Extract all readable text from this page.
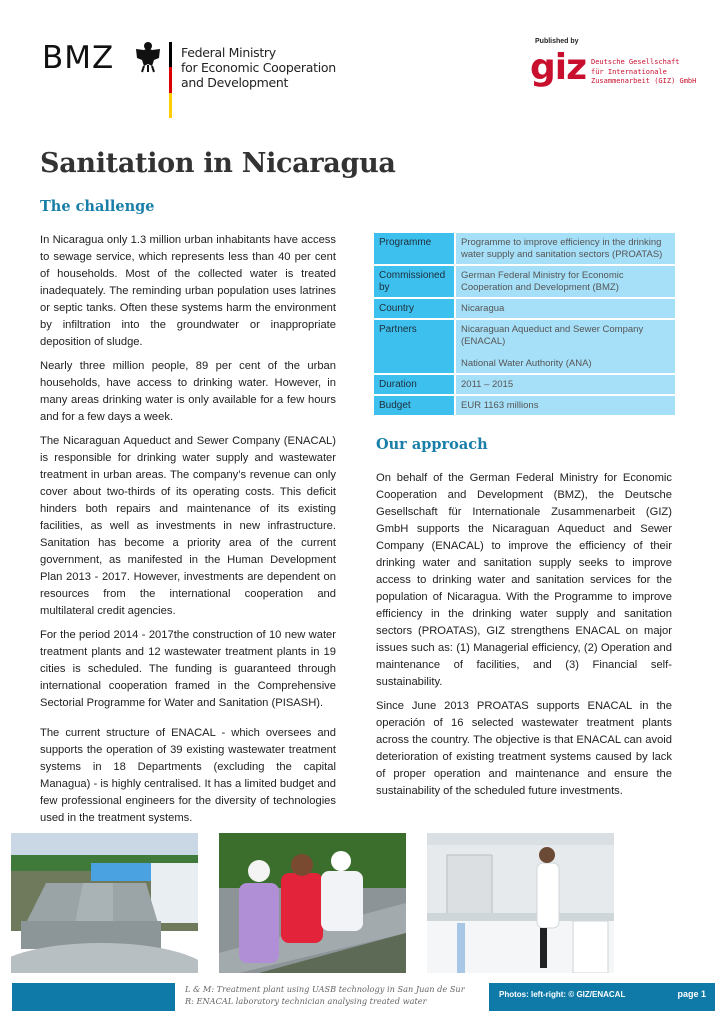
BMZ	Federal Ministry
for Economic Cooperation
and Development
Published by
giz Deutsche Gesellschaft
für Internationale
Zusammenarbeit (GIZ) GmbH
Sanitation in Nicaragua
The challenge

In Nicaragua only 1.3 million urban inhabitants have access to sewage service, which represents less than 40 per cent of households. Most of the collected water is treated inadequately. The reminding urban population uses latrines or septic tanks. Often these systems harm the environment by infiltration into the groundwater or inappropriate deposition of sludge.

Nearly three million people, 89 per cent of the urban households, have access to drinking water. However, in many areas drinking water is only available for a few hours and for a few days a week.

The Nicaraguan Aqueduct and Sewer Company (ENACAL) is responsible for drinking water supply and wastewater treatment in urban areas. The company’s revenue can only cover about two-thirds of its operating costs. This deficit hinders both repairs and maintenance of its existing facilities, as well as investments in new infrastructure. Sanitation has become a priority area of the current government, as manifested in the Human Development Plan 2013 - 2017. However, investments are dependent on resources from the international cooperation and multilateral credit agencies.

For the period 2014 - 2017the construction of 10 new water treatment plants and 12 wastewater treatment plants in 19 cities is scheduled. The funding is guaranteed through international cooperation framed in the Comprehensive Sectorial Programme for Water and Sanitation (PISASH).

The current structure of ENACAL - which oversees and supports the operation of 39 existing wastewater treatment systems in 18 Departments (excluding the capital Managua) - is highly centralised. It has a limited budget and few professional engineers for the diversity of technologies used in the treatment systems.

Programme	Programme to improve efficiency in the drinking water supply and sanitation sectors (PROATAS)
Commissioned by	German Federal Ministry for Economic Cooperation and Development (BMZ)
Country	Nicaragua
Partners	Nicaraguan Aqueduct and Sewer Company (ENACAL)
National Water Authority (ANA)

Duration	2011 – 2015
Budget	EUR 1163 millions
Our approach

On behalf of the German Federal Ministry for Economic Cooperation and Development (BMZ), the Deutsche Gesellschaft für Internationale Zusammenarbeit (GIZ) GmbH supports the Nicaraguan Aqueduct and Sewer Company (ENACAL) to improve the efficiency of their drinking water and sanitation supply seeks to improve access to drinking water and sanitation services for the population of Nicaragua. With the Programme to improve efficiency in the drinking water supply and sanitation sectors (PROATAS), GIZ strengthens ENACAL on major issues such as: (1) Managerial efficiency, (2) Operation and maintenance of facilities, and (3) Financial self-sustainability.

Since June 2013 PROATAS supports ENACAL in the operación of 16 selected wastewater treatment plants across the country. The objective is that ENACAL can avoid deterioration of existing treatment systems caused by lack of proper operation and maintenance and ensure the sustainability of the scheduled future investments.

L & M: Treatment plant using UASB technology in San Juan de Sur
R: ENACAL laboratory technician analysing treated water
Photos: left-right: © GIZ/ENACAL	page 1
